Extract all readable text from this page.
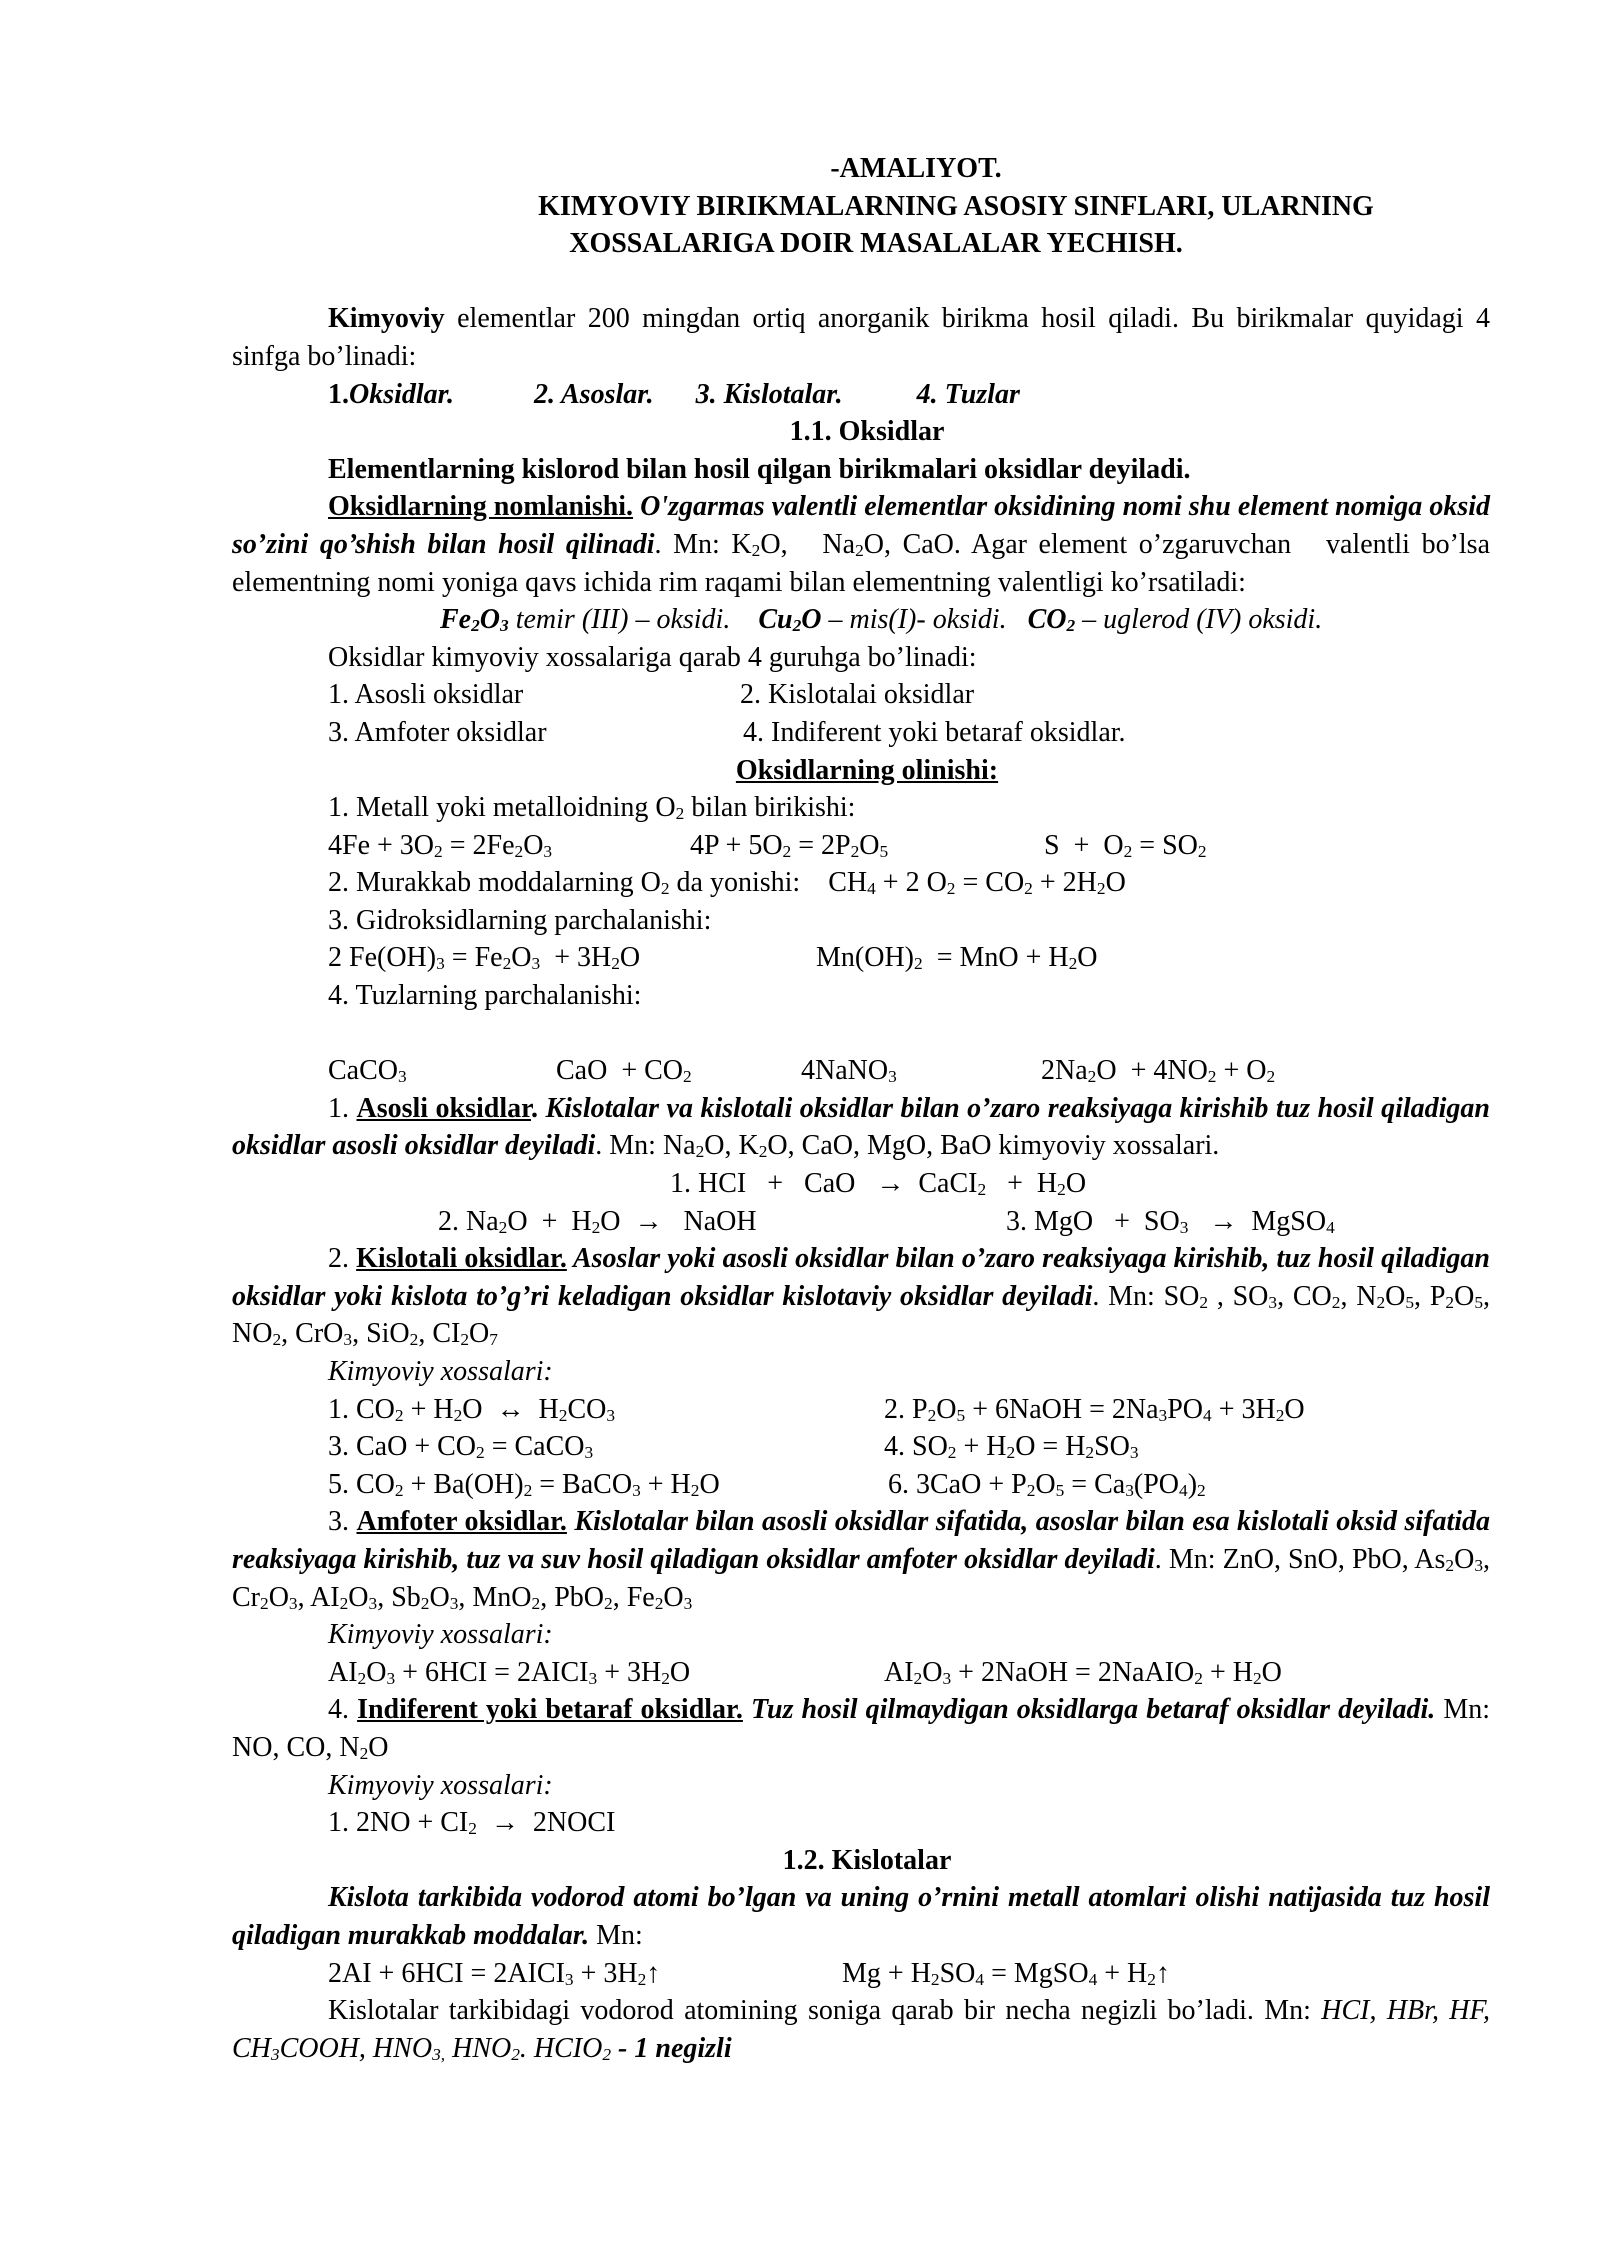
-AMALIYOT.
KIMYOVIY BIRIKMALARNING ASOSIY SINFLARI, ULARNING
XOSSALARIGA DOIR MASALALAR YECHISH.

Kimyoviy elementlar 200 mingdan ortiq anorganik birikma hosil qiladi. Bu birikmalar quyidagi 4 sinfga bo’linadi:

1.Oksidlar.	2. Asoslar. 3. Kislotalar.	4. Tuzlar

1.1. Oksidlar

Elementlarning kislorod bilan hosil qilgan birikmalari oksidlar deyiladi.

Oksidlarning nomlanishi. O'zgarmas valentli elementlar oksidining nomi shu element nomiga oksid so’zini qo’shish bilan hosil qilinadi. Mn: $K_2O$,   $Na_2O$, CaO. Agar element o’zgaruvchan   valentli bo’lsa elementning nomi yoniga qavs ichida rim raqami bilan elementning valentligi ko’rsatiladi:

$Fe_2O_3$ temir (III) – oksidi. $Cu_2O - mis(I)-$ oksidi. $CO_2$ – uglerod (IV) oksidi.

Oksidlar kimyoviy xossalariga qarab 4 guruhga bo’linadi:

1. Asosli oksidlar	2. Kislotalai oksidlar

3. Amfoter oksidlar	4. Indiferent yoki betaraf oksidlar.

Oksidlarning olinishi:

1. Metall yoki metalloidning $O_2$ bilan birikishi:

$4Fe + 3O_2 = 2Fe_2O_3$	$4P + 5O_2 = 2P_2O_5$	$S + O_2 = SO_2$

2. Murakkab moddalarning $O_2$ da yonishi:    $CH_4 + 2$ $O_2 = CO_2 + 2H_2O$

3. Gidroksidlarning parchalanishi:

2 $Fe(OH)_3 = Fe_2O_3 + 3H_2O$	$Mn(OH)_2$  = MnO + $H_2O$

4. Tuzlarning parchalanishi:

CaCO$_3$	CaO  + $CO_2$	4NaNO$_3$	$2Na_2O + 4NO_2 + O_2$

1. Asosli oksidlar. Kislotalar va kislotali oksidlar bilan o’zaro reaksiyaga kirishib tuz hosil qiladigan oksidlar asosli oksidlar deyiladi. Mn: $Na_2O$, $K_2O$, CaO, MgO, BaO kimyoviy xossalari.

1. HCI   +   CaO   →  CaCI$_2$   +  $H_2O$

2. $Na_2O + H_2O$  →   NaOH	3. MgO   +  $SO_3$   →  MgSO$_4$

2. Kislotali oksidlar. Asoslar yoki asosli oksidlar bilan o’zaro reaksiyaga kirishib, tuz hosil qiladigan oksidlar yoki kislota to’g’ri keladigan oksidlar kislotaviy oksidlar deyiladi. Mn: $SO_2$ , $SO_3$, $CO_2$, $N_2O_5$, $P_2O_5$, $NO_2$, CrO$_3$, SiO$_2$, $CI_2O_7$

Kimyoviy xossalari:

1. $CO_2 + H_2O$  ↔  $H_2CO_3$	2. $P_2O_5$ + 6NaOH = $2Na_3PO_4 + 3H_2O$

3. CaO + $CO_2$ = CaCO$_3$	4. $SO_2 + H_2O = H_2SO_3$

5. $CO_2 + Ba(OH)_2$ = BaCO$_3$ + $H_2O$	6. $3CaO + P_2O_5 = Ca_3(PO_4)_2$

3. Amfoter oksidlar. Kislotalar bilan asosli oksidlar sifatida, asoslar bilan esa kislotali oksid sifatida reaksiyaga kirishib, tuz va suv hosil qiladigan oksidlar amfoter oksidlar deyiladi. Mn: ZnO, SnO, PbO, $As_2O_3$, $Cr_2O_3$, $AI_2O_3$, $Sb_2O_3$, MnO$_2$, PbO$_2$, $Fe_2O_3$

Kimyoviy xossalari:

$AI_2O_3 + 6HCI$ = $2AICI_3 + 3H_2O$	$AI_2O_3$ + 2NaOH = 2NaAIO$_2$ + $H_2O$

4. Indiferent yoki betaraf oksidlar. Tuz hosil qilmaydigan oksidlarga betaraf oksidlar deyiladi. Mn: NO, CO, $N_2O$

Kimyoviy xossalari:

1. $2NO + CI_2$  →  2NOCI

1.2. Kislotalar

Kislota tarkibida vodorod atomi bo’lgan va uning o’rnini metall atomlari olishi natijasida tuz hosil qiladigan murakkab moddalar. Mn:

$2AI + 6HCI = 2AICI_3$ + $3H_2↑$	$Mg + H_2SO_4$ = MgSO$_4$ + $H_2↑$

Kislotalar tarkibidagi vodorod atomining soniga qarab bir necha negizli bo’ladi. Mn: HCI, HBr, HF, $CH_3COOH$, $HNO_{3,}$ $HNO_2$. $HCIO_2 - 1$ negizli
